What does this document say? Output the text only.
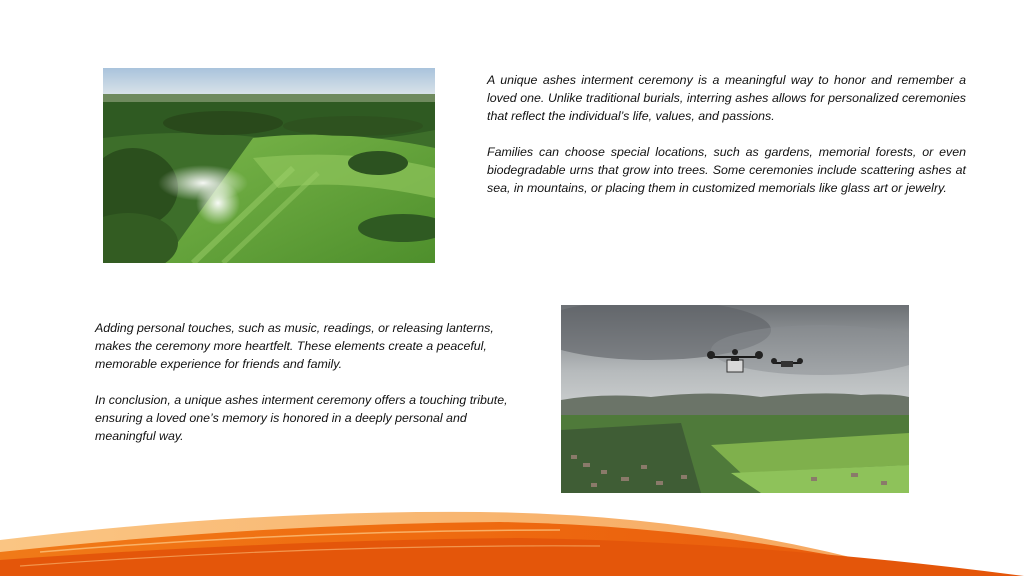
A unique ashes interment ceremony is a meaningful way to honor and remember a loved one. Unlike traditional burials, interring ashes allows for personalized ceremonies that reflect the individual’s life, values, and passions.

Families can choose special locations, such as gardens, memorial forests, or even biodegradable urns that grow into trees. Some ceremonies include scattering ashes at sea, in mountains, or placing them in customized memorials like glass art or jewelry.

Adding personal touches, such as music, readings, or releasing lanterns, makes the ceremony more heartfelt. These elements create a peaceful, memorable experience for friends and family.

In conclusion, a unique ashes interment ceremony offers a touching tribute, ensuring a loved one’s memory is honored in a deeply personal and meaningful way.
